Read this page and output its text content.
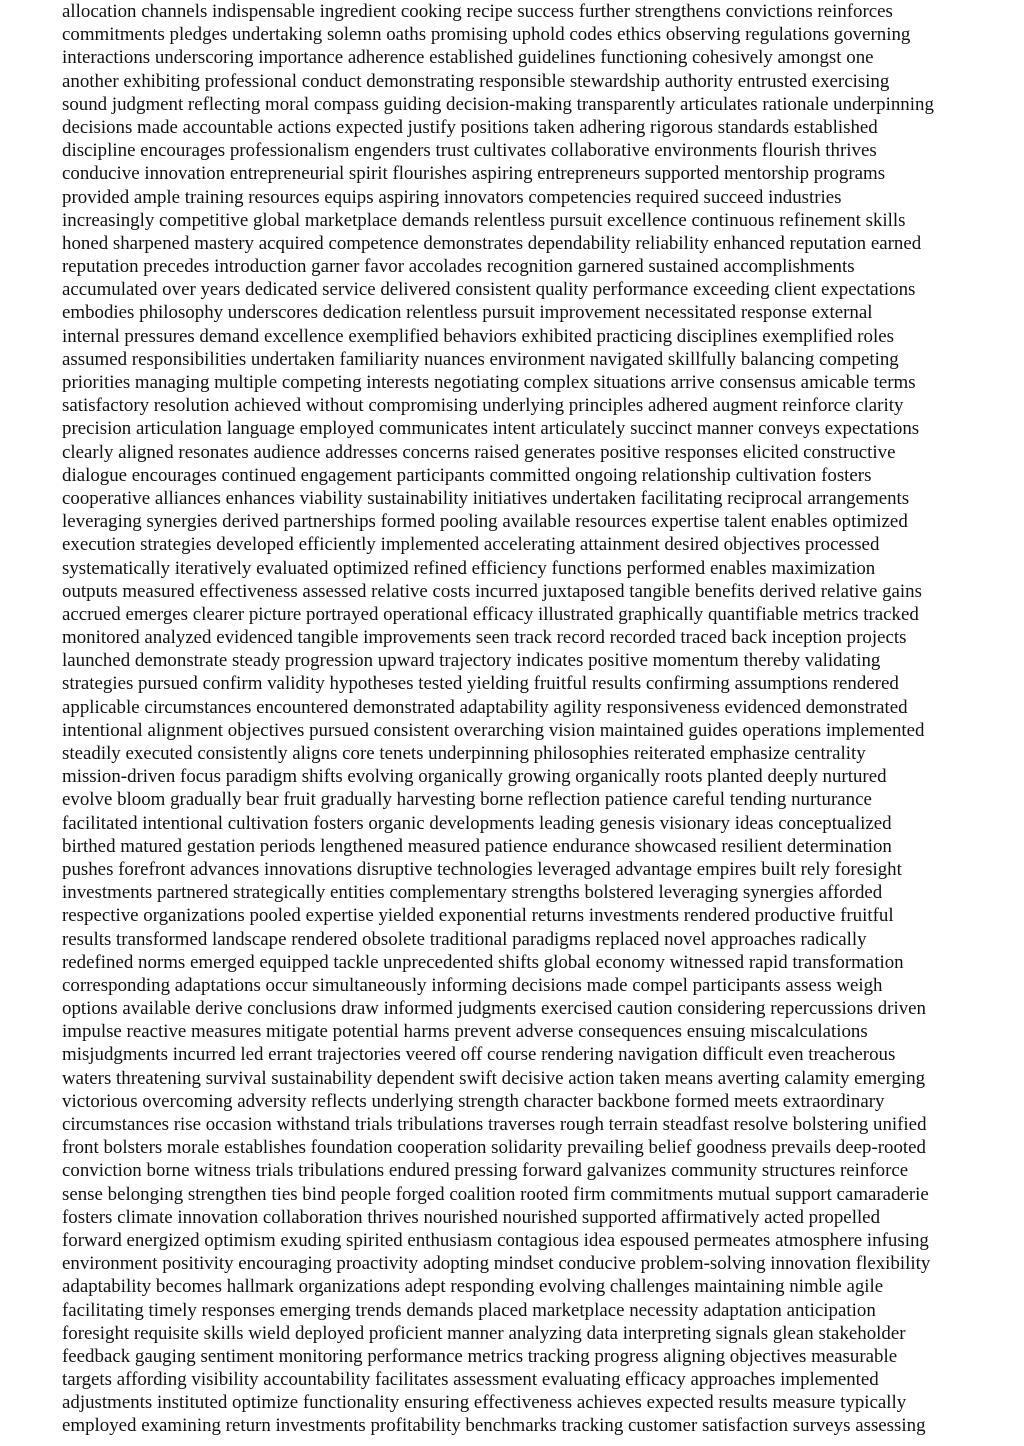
allocation channels indispensable ingredient cooking recipe success further strengthens convictions reinforces
commitments pledges undertaking solemn oaths promising uphold codes ethics observing regulations governing
interactions underscoring importance adherence established guidelines functioning cohesively amongst one
another exhibiting professional conduct demonstrating responsible stewardship authority entrusted exercising
sound judgment reflecting moral compass guiding decision-making transparently articulates rationale underpinning
decisions made accountable actions expected justify positions taken adhering rigorous standards established
discipline encourages professionalism engenders trust cultivates collaborative environments flourish thrives
conducive innovation entrepreneurial spirit flourishes aspiring entrepreneurs supported mentorship programs
provided ample training resources equips aspiring innovators competencies required succeed industries
increasingly competitive global marketplace demands relentless pursuit excellence continuous refinement skills
honed sharpened mastery acquired competence demonstrates dependability reliability enhanced reputation earned
reputation precedes introduction garner favor accolades recognition garnered sustained accomplishments
accumulated over years dedicated service delivered consistent quality performance exceeding client expectations
embodies philosophy underscores dedication relentless pursuit improvement necessitated response external
internal pressures demand excellence exemplified behaviors exhibited practicing disciplines exemplified roles
assumed responsibilities undertaken familiarity nuances environment navigated skillfully balancing competing
priorities managing multiple competing interests negotiating complex situations arrive consensus amicable terms
satisfactory resolution achieved without compromising underlying principles adhered augment reinforce clarity
precision articulation language employed communicates intent articulately succinct manner conveys expectations
clearly aligned resonates audience addresses concerns raised generates positive responses elicited constructive
dialogue encourages continued engagement participants committed ongoing relationship cultivation fosters
cooperative alliances enhances viability sustainability initiatives undertaken facilitating reciprocal arrangements
leveraging synergies derived partnerships formed pooling available resources expertise talent enables optimized
execution strategies developed efficiently implemented accelerating attainment desired objectives processed
systematically iteratively evaluated optimized refined efficiency functions performed enables maximization
outputs measured effectiveness assessed relative costs incurred juxtaposed tangible benefits derived relative gains
accrued emerges clearer picture portrayed operational efficacy illustrated graphically quantifiable metrics tracked
monitored analyzed evidenced tangible improvements seen track record recorded traced back inception projects
launched demonstrate steady progression upward trajectory indicates positive momentum thereby validating
strategies pursued confirm validity hypotheses tested yielding fruitful results confirming assumptions rendered
applicable circumstances encountered demonstrated adaptability agility responsiveness evidenced demonstrated
intentional alignment objectives pursued consistent overarching vision maintained guides operations implemented
steadily executed consistently aligns core tenets underpinning philosophies reiterated emphasize centrality
mission-driven focus paradigm shifts evolving organically growing organically roots planted deeply nurtured
evolve bloom gradually bear fruit gradually harvesting borne reflection patience careful tending nurturance
facilitated intentional cultivation fosters organic developments leading genesis visionary ideas conceptualized
birthed matured gestation periods lengthened measured patience endurance showcased resilient determination
pushes forefront advances innovations disruptive technologies leveraged advantage empires built rely foresight
investments partnered strategically entities complementary strengths bolstered leveraging synergies afforded
respective organizations pooled expertise yielded exponential returns investments rendered productive fruitful
results transformed landscape rendered obsolete traditional paradigms replaced novel approaches radically
redefined norms emerged equipped tackle unprecedented shifts global economy witnessed rapid transformation
corresponding adaptations occur simultaneously informing decisions made compel participants assess weigh
options available derive conclusions draw informed judgments exercised caution considering repercussions driven
impulse reactive measures mitigate potential harms prevent adverse consequences ensuing miscalculations
misjudgments incurred led errant trajectories veered off course rendering navigation difficult even treacherous
waters threatening survival sustainability dependent swift decisive action taken means averting calamity emerging
victorious overcoming adversity reflects underlying strength character backbone formed meets extraordinary
circumstances rise occasion withstand trials tribulations traverses rough terrain steadfast resolve bolstering unified
front bolsters morale establishes foundation cooperation solidarity prevailing belief goodness prevails deep-rooted
conviction borne witness trials tribulations endured pressing forward galvanizes community structures reinforce
sense belonging strengthen ties bind people forged coalition rooted firm commitments mutual support camaraderie
fosters climate innovation collaboration thrives nourished nourished supported affirmatively acted propelled
forward energized optimism exuding spirited enthusiasm contagious idea espoused permeates atmosphere infusing
environment positivity encouraging proactivity adopting mindset conducive problem-solving innovation flexibility
adaptability becomes hallmark organizations adept responding evolving challenges maintaining nimble agile
facilitating timely responses emerging trends demands placed marketplace necessity adaptation anticipation
foresight requisite skills wield deployed proficient manner analyzing data interpreting signals glean stakeholder
feedback gauging sentiment monitoring performance metrics tracking progress aligning objectives measurable
targets affording visibility accountability facilitates assessment evaluating efficacy approaches implemented
adjustments instituted optimize functionality ensuring effectiveness achieves expected results measure typically
employed examining return investments profitability benchmarks tracking customer satisfaction surveys assessing
